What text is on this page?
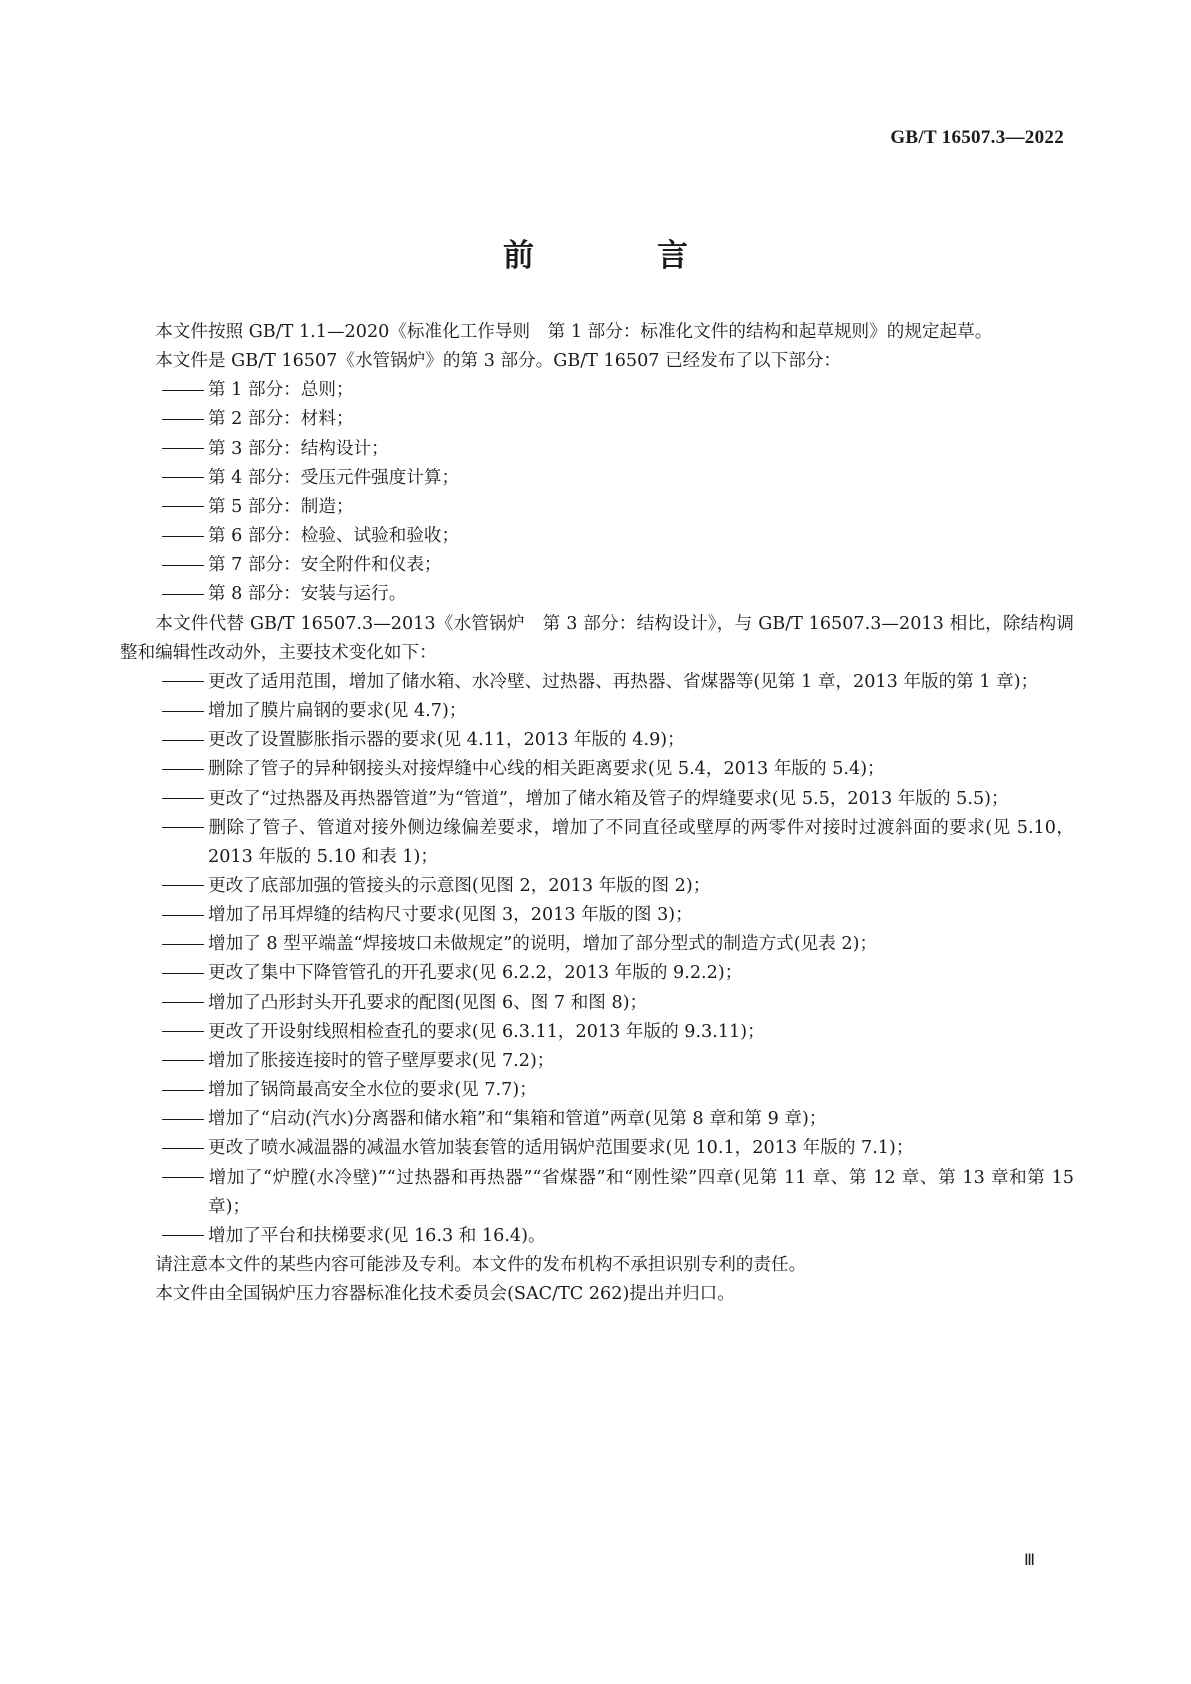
GB/T 16507.3—2022
前　言

本文件按照 GB/T 1.1—2020《标准化工作导则　第 1 部分：标准化文件的结构和起草规则》的规定起草。

本文件是 GB/T 16507《水管锅炉》的第 3 部分。GB/T 16507 已经发布了以下部分：

第 1 部分：总则；

第 2 部分：材料；

第 3 部分：结构设计；

第 4 部分：受压元件强度计算；

第 5 部分：制造；

第 6 部分：检验、试验和验收；

第 7 部分：安全附件和仪表；

第 8 部分：安装与运行。

本文件代替 GB/T 16507.3—2013《水管锅炉　第 3 部分：结构设计》，与 GB/T 16507.3—2013 相比，除结构调整和编辑性改动外，主要技术变化如下：

更改了适用范围，增加了储水箱、水冷壁、过热器、再热器、省煤器等(见第 1 章，2013 年版的第 1 章)；

增加了膜片扁钢的要求(见 4.7)；

更改了设置膨胀指示器的要求(见 4.11，2013 年版的 4.9)；

删除了管子的异种钢接头对接焊缝中心线的相关距离要求(见 5.4，2013 年版的 5.4)；

更改了“过热器及再热器管道”为“管道”，增加了储水箱及管子的焊缝要求(见 5.5，2013 年版的 5.5)；

删除了管子、管道对接外侧边缘偏差要求，增加了不同直径或壁厚的两零件对接时过渡斜面的要求(见 5.10，2013 年版的 5.10 和表 1)；

更改了底部加强的管接头的示意图(见图 2，2013 年版的图 2)；

增加了吊耳焊缝的结构尺寸要求(见图 3，2013 年版的图 3)；

增加了 8 型平端盖“焊接坡口未做规定”的说明，增加了部分型式的制造方式(见表 2)；

更改了集中下降管管孔的开孔要求(见 6.2.2，2013 年版的 9.2.2)；

增加了凸形封头开孔要求的配图(见图 6、图 7 和图 8)；

更改了开设射线照相检查孔的要求(见 6.3.11，2013 年版的 9.3.11)；

增加了胀接连接时的管子壁厚要求(见 7.2)；

增加了锅筒最高安全水位的要求(见 7.7)；

增加了“启动(汽水)分离器和储水箱”和“集箱和管道”两章(见第 8 章和第 9 章)；

更改了喷水减温器的减温水管加装套管的适用锅炉范围要求(见 10.1，2013 年版的 7.1)；

增加了“炉膛(水冷壁)”“过热器和再热器”“省煤器”和“刚性梁”四章(见第 11 章、第 12 章、第 13 章和第 15 章)；

增加了平台和扶梯要求(见 16.3 和 16.4)。

请注意本文件的某些内容可能涉及专利。本文件的发布机构不承担识别专利的责任。

本文件由全国锅炉压力容器标准化技术委员会(SAC/TC 262)提出并归口。

Ⅲ
